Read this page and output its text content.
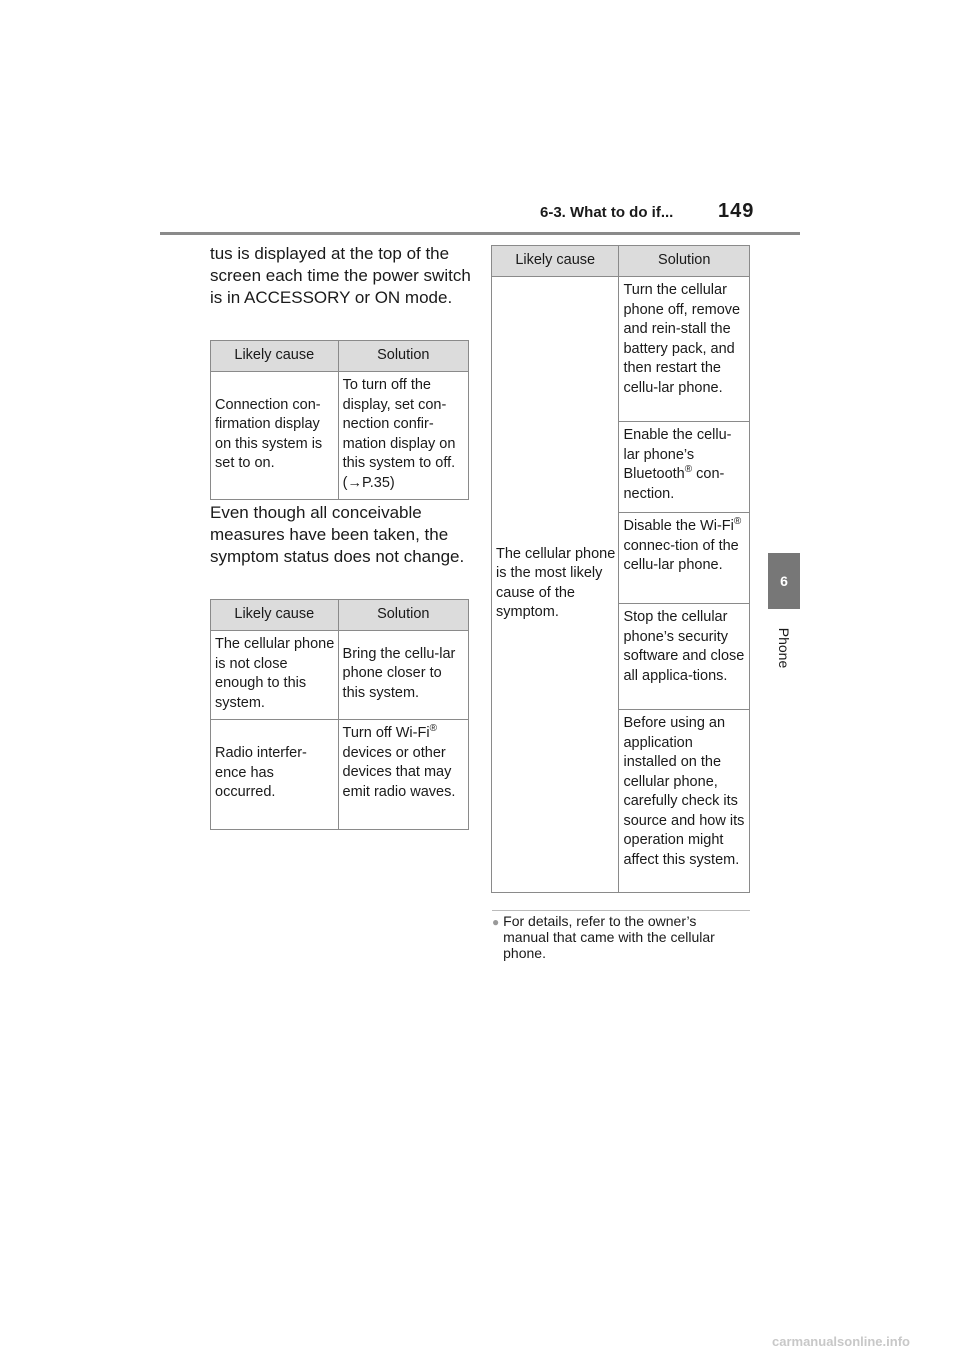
6-3. What to do if... 149
6
Phone
tus is displayed at the top of the screen each time the power switch is in ACCESSORY or ON mode.
Likely cause	Solution
Connection con-firmation display on this system is set to on.	To turn off the display, set con-nection confir-mation display on this system to off. (→P.35)
Even though all conceivable measures have been taken, the symptom status does not change.
Likely cause	Solution
The cellular phone is not close enough to this system.	Bring the cellu-lar phone closer to this system.
Radio interfer-ence has occurred.	Turn off Wi-Fi® devices or other devices that may emit radio waves.
Likely cause	Solution
The cellular phone is the most likely cause of the symptom.	Turn the cellular phone off, remove and rein-stall the battery pack, and then restart the cellu-lar phone.
	Enable the cellu-lar phone’s Bluetooth® con-nection.
	Disable the Wi-Fi® connec-tion of the cellu-lar phone.
	Stop the cellular phone’s security software and close all applica-tions.
	Before using an application installed on the cellular phone, carefully check its source and how its operation might affect this system.
● For details, refer to the owner’s manual that came with the cellular phone.
carmanualsonline.info
